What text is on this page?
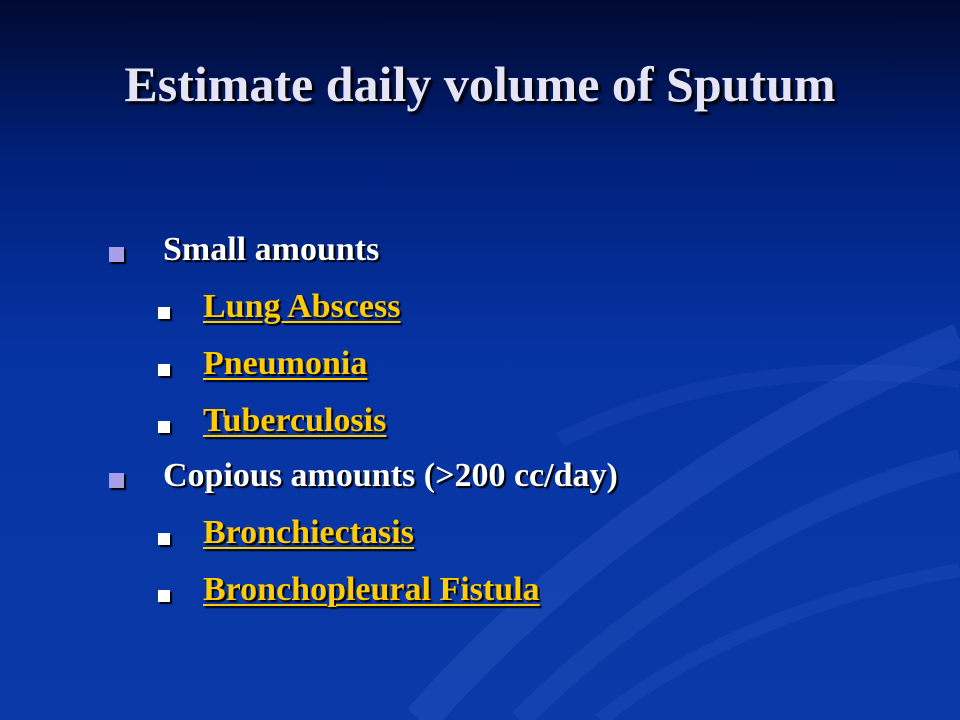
Estimate daily volume of Sputum
Small amounts
Lung Abscess
Pneumonia
Tuberculosis
Copious amounts (>200 cc/day)
Bronchiectasis
Bronchopleural Fistula
